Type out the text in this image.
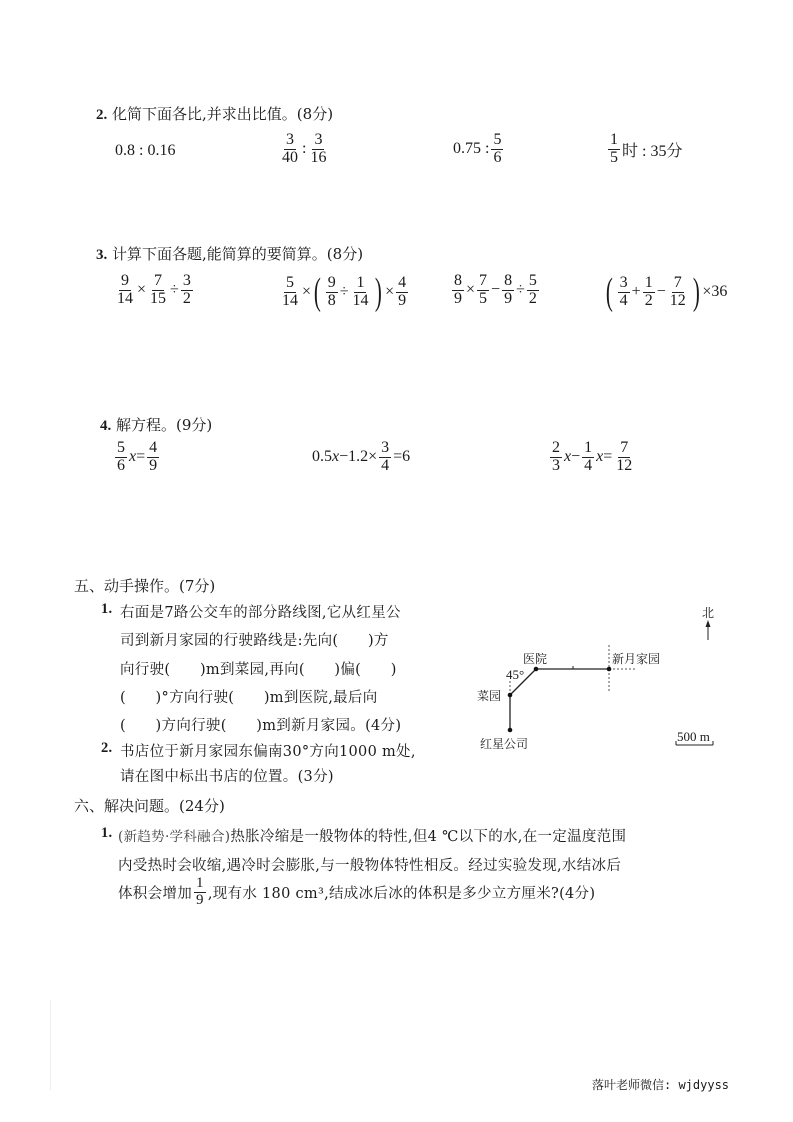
2. 化简下面各比,并求出比值。(8分)
0.8 : 0.16	$\frac{3}{40}$ : $\frac{3}{16}$	0.75 : $\frac{5}{6}$	$\frac{1}{5}$ 时 : 35分
3. 计算下面各题,能简算的要简算。(8分)
$\frac{9}{14} \times \frac{7}{15} \div \frac{3}{2}$	$\frac{5}{14}$ × ( $\frac{9}{8} \div \frac{1}{14}$ ) × $\frac{4}{9}$	$\frac{8}{9} \times \frac{7}{5} - \frac{8}{9} \div \frac{5}{2}$ ( $\frac{3}{4} + \frac{1}{2} - \frac{7}{12}$ ) ×36
4. 解方程。(9分)
$\frac{5}{6}$ $x = \frac{4}{9}$	0.5 $x -1.2\times \frac{3}{4} =6$	$\frac{2}{3}$ $x - \frac{1}{4}$ $x = \frac{7}{12}$
五、动手操作。(7分)
1. 右面是7路公交车的部分路线图,它从红星公
司到新月家园的行驶路线是:先向(　　)方
向行驶(　　)m到菜园,再向(　　)偏(　　)
(　　)°方向行驶(　　)m到医院,最后向
(　　)方向行驶(　　)m到新月家园。(4分)
2. 书店位于新月家园东偏南30°方向1000 m处,
请在图中标出书店的位置。(3分)
北
医院	新月家园
菜园
红星公司
45°
500 m
六、解决问题。(24分)
1. (新趋势·学科融合)热胀冷缩是一般物体的特性,但4 ℃以下的水,在一定温度范围
内受热时会收缩,遇冷时会膨胀,与一般物体特性相反。经过实验发现,水结冰后
体积会增加 $\frac{1}{9}$ ,现有水 180 cm³,结成冰后冰的体积是多少立方厘米?(4分)
落叶老师微信: wjdyyss
